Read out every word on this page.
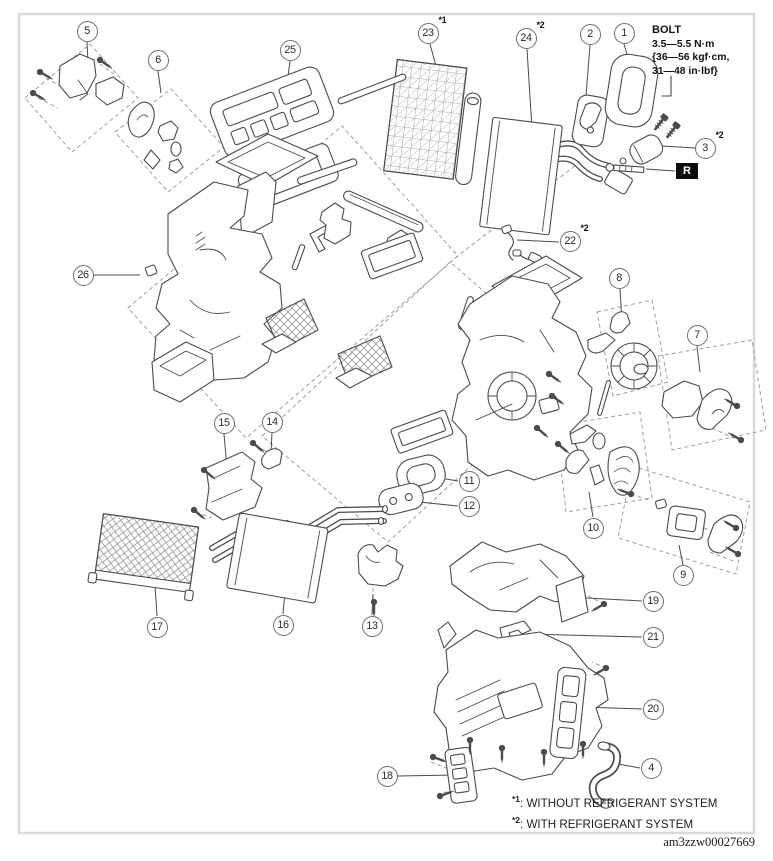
1
2
3
*2
4
5
6
7
8
9
10
11
12
13
14
15
16
17
18
19
20
21
22
*2
23
*1
24
*2
25
26
BOLT
3.5—5.5 N·m
{36—56 kgf·cm,
31—48 in·lbf}
R
$^{*1}$: WITHOUT REFRIGERANT SYSTEM
$^{*2}$: WITH REFRIGERANT SYSTEM
am3zzw00027669
